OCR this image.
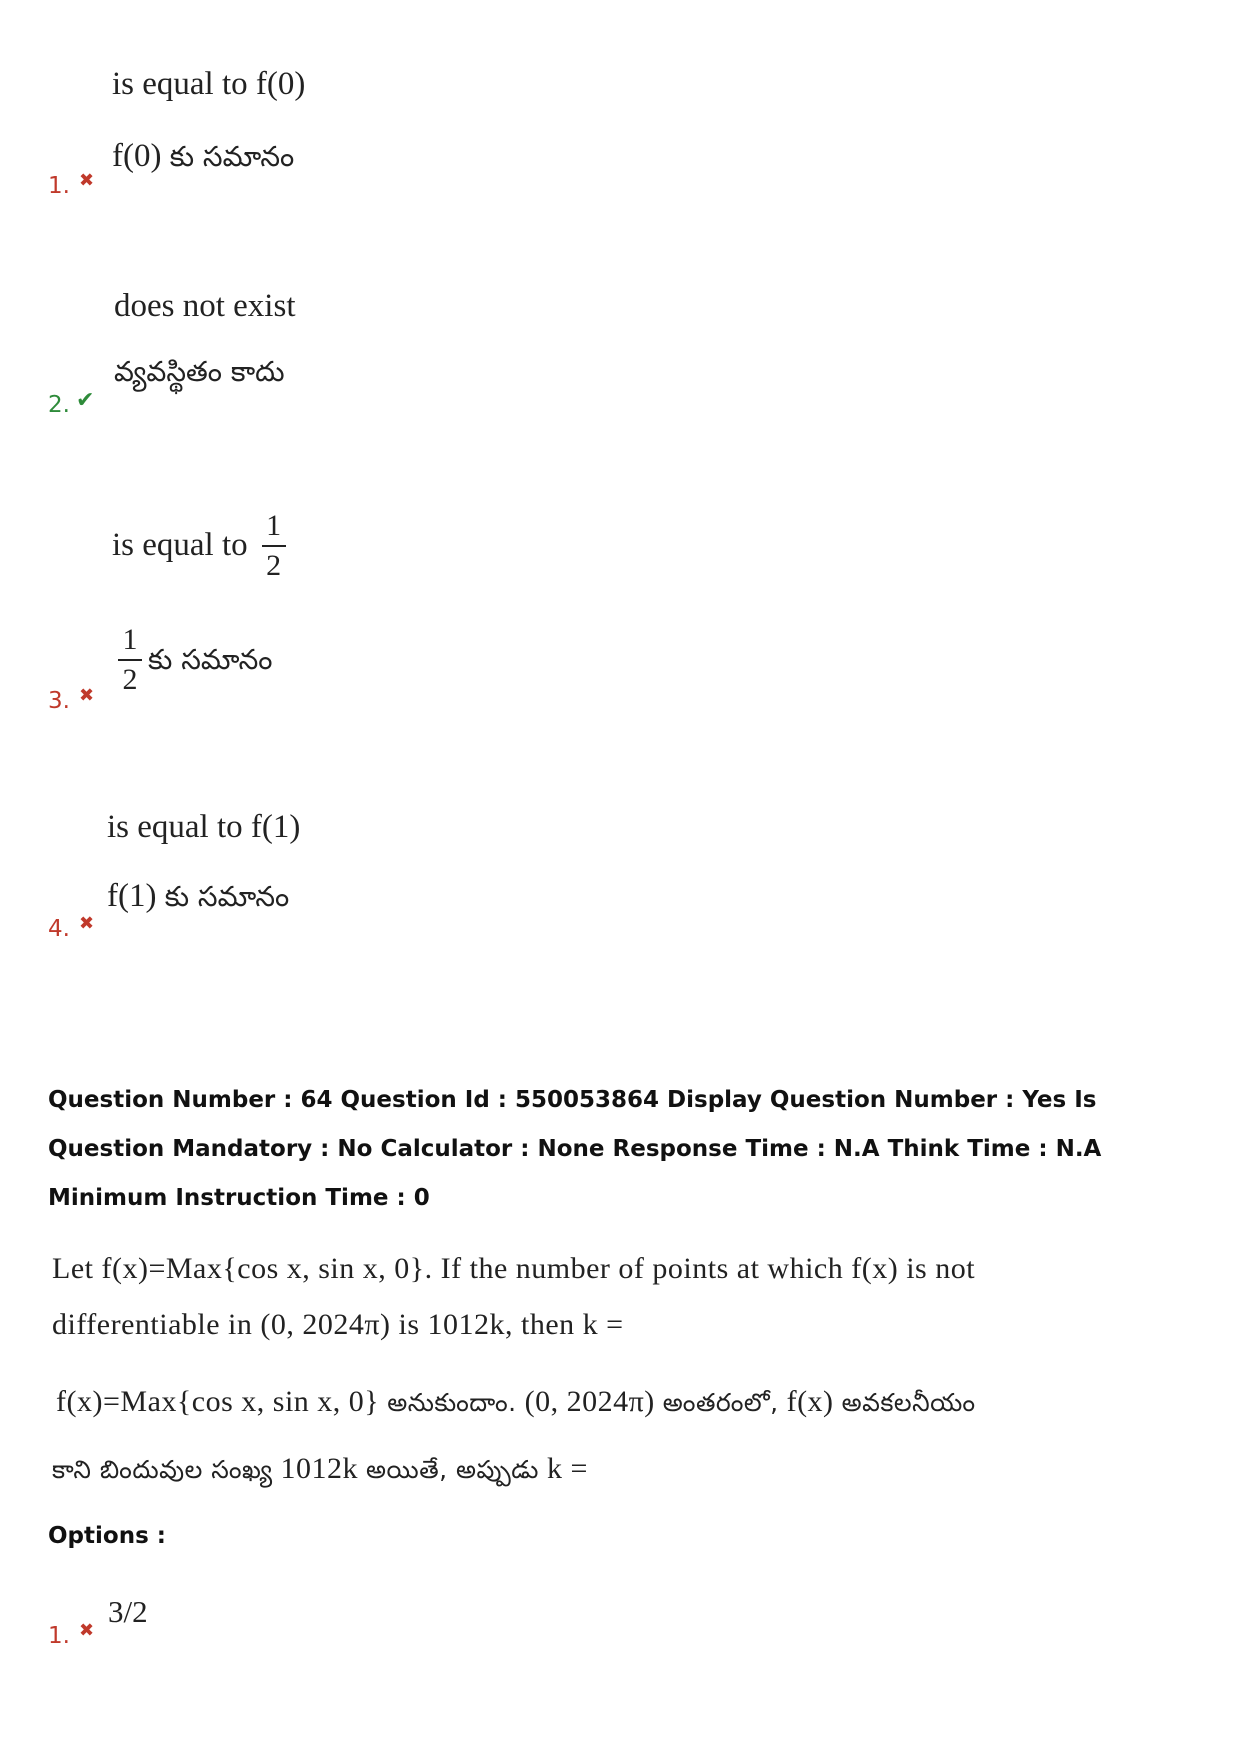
is equal to f(0)
f(0) కు సమానం
1. ✖
does not exist
వ్యవస్థితం కాదు
2. ✔
is equal to $\frac{1}{2}$
$\frac{1}{2}$ కు సమానం
3. ✖
is equal to f(1)
f(1) కు సమానం
4. ✖
Question Number : 64 Question Id : 550053864 Display Question Number : Yes Is Question Mandatory : No Calculator : None Response Time : N.A Think Time : N.A Minimum Instruction Time : 0
Let f(x)=Max{cos x, sin x, 0}. If the number of points at which f(x) is not
differentiable in (0, 2024π) is 1012k, then k =
f(x)=Max{cos x, sin x, 0} అనుకుందాం. (0, 2024π) అంతరంలో, f(x) అవకలనీయం
కాని బిందువుల సంఖ్య 1012k అయితే, అప్పుడు k =
Options :
3/2
1. ✖
